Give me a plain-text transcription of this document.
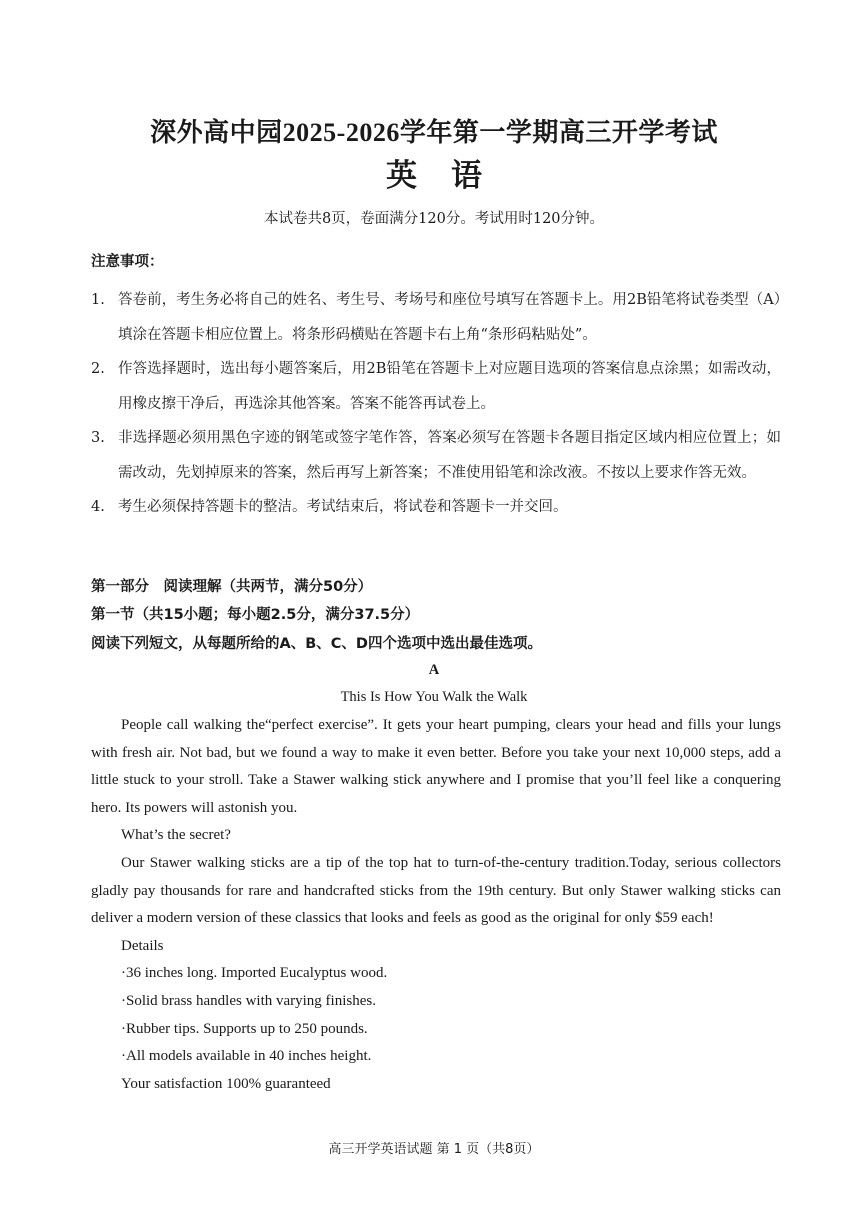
深外高中园2025-2026学年第一学期高三开学考试
英 语
本试卷共8页，卷面满分120分。考试用时120分钟。
注意事项：
1. 答卷前，考生务必将自己的姓名、考生号、考场号和座位号填写在答题卡上。用2B铅笔将试卷类型（A）填涂在答题卡相应位置上。将条形码横贴在答题卡右上角“条形码粘贴处”。
2. 作答选择题时，选出每小题答案后，用2B铅笔在答题卡上对应题目选项的答案信息点涂黑；如需改动，用橡皮擦干净后，再选涂其他答案。答案不能答再试卷上。
3. 非选择题必须用黑色字迹的钢笔或签字笔作答，答案必须写在答题卡各题目指定区域内相应位置上；如需改动，先划掉原来的答案，然后再写上新答案；不准使用铅笔和涂改液。不按以上要求作答无效。
4. 考生必须保持答题卡的整洁。考试结束后，将试卷和答题卡一并交回。
第一部分　阅读理解（共两节，满分50分）
第一节（共15小题；每小题2.5分，满分37.5分）
阅读下列短文，从每题所给的A、B、C、D四个选项中选出最佳选项。
A
This Is How You Walk the Walk

People call walking the“perfect exercise”. It gets your heart pumping, clears your head and fills your lungs with fresh air. Not bad, but we found a way to make it even better. Before you take your next 10,000 steps, add a little stuck to your stroll. Take a Stawer walking stick anywhere and I promise that you’ll feel like a conquering hero. Its powers will astonish you.

What’s the secret?

Our Stawer walking sticks are a tip of the top hat to turn-of-the-century tradition.Today, serious collectors gladly pay thousands for rare and handcrafted sticks from the 19th century. But only Stawer walking sticks can deliver a modern version of these classics that looks and feels as good as the original for only $59 each!

Details

·36 inches long. Imported Eucalyptus wood.

·Solid brass handles with varying finishes.

·Rubber tips. Supports up to 250 pounds.

·All models available in 40 inches height.

Your satisfaction 100% guaranteed

高三开学英语试题 第 1 页（共8页）
